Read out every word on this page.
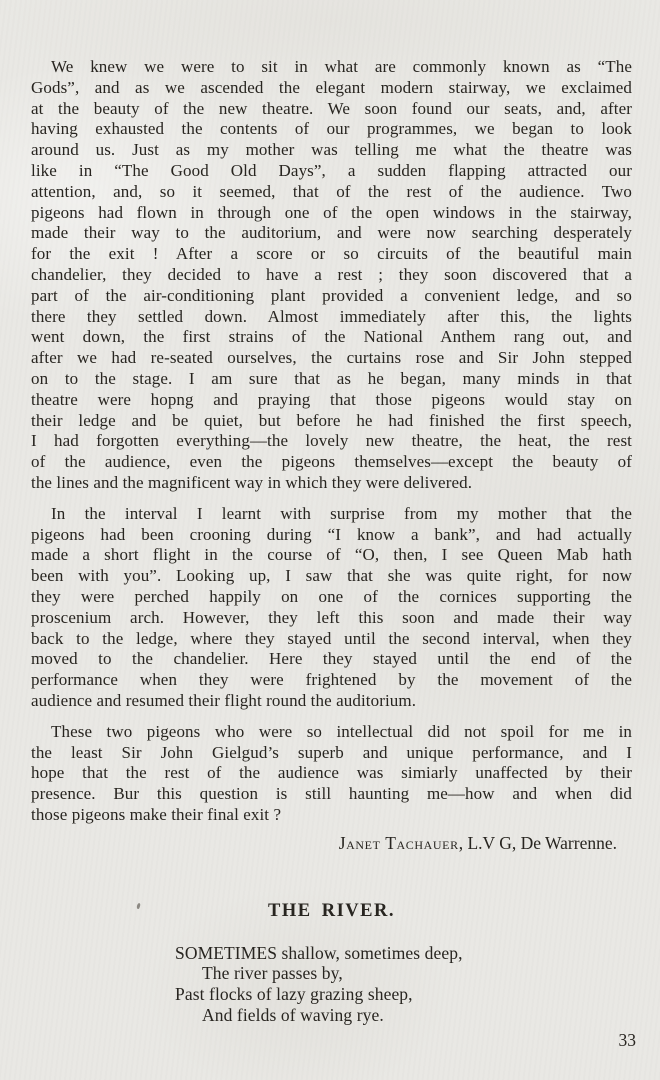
We knew we were to sit in what are commonly known as “The
Gods”, and as we ascended the elegant modern stairway, we exclaimed
at the beauty of the new theatre. We soon found our seats, and, after
having exhausted the contents of our programmes, we began to look
around us. Just as my mother was telling me what the theatre was
like in “The Good Old Days”, a sudden flapping attracted our
attention, and, so it seemed, that of the rest of the audience. Two
pigeons had flown in through one of the open windows in the stairway,
made their way to the auditorium, and were now searching desperately
for the exit ! After a score or so circuits of the beautiful main
chandelier, they decided to have a rest ; they soon discovered that a
part of the air-conditioning plant provided a convenient ledge, and so
there they settled down. Almost immediately after this, the lights
went down, the first strains of the National Anthem rang out, and
after we had re-seated ourselves, the curtains rose and Sir John stepped
on to the stage. I am sure that as he began, many minds in that
theatre were hopng and praying that those pigeons would stay on
their ledge and be quiet, but before he had finished the first speech,
I had forgotten everything—the lovely new theatre, the heat, the rest
of the audience, even the pigeons themselves—except the beauty of
the lines and the magnificent way in which they were delivered.
In the interval I learnt with surprise from my mother that the
pigeons had been crooning during “I know a bank”, and had actually
made a short flight in the course of “O, then, I see Queen Mab hath
been with you”. Looking up, I saw that she was quite right, for now
they were perched happily on one of the cornices supporting the
proscenium arch. However, they left this soon and made their way
back to the ledge, where they stayed until the second interval, when they
moved to the chandelier. Here they stayed until the end of the
performance when they were frightened by the movement of the
audience and resumed their flight round the auditorium.
These two pigeons who were so intellectual did not spoil for me in
the least Sir John Gielgud’s superb and unique performance, and I
hope that the rest of the audience was simiarly unaffected by their
presence. Bur this question is still haunting me—how and when did
those pigeons make their final exit ?
Janet Tachauer, L.V G, De Warrenne.
THE RIVER.
SOMETIMES shallow, sometimes deep,
The river passes by,
Past flocks of lazy grazing sheep,
And fields of waving rye.
33
